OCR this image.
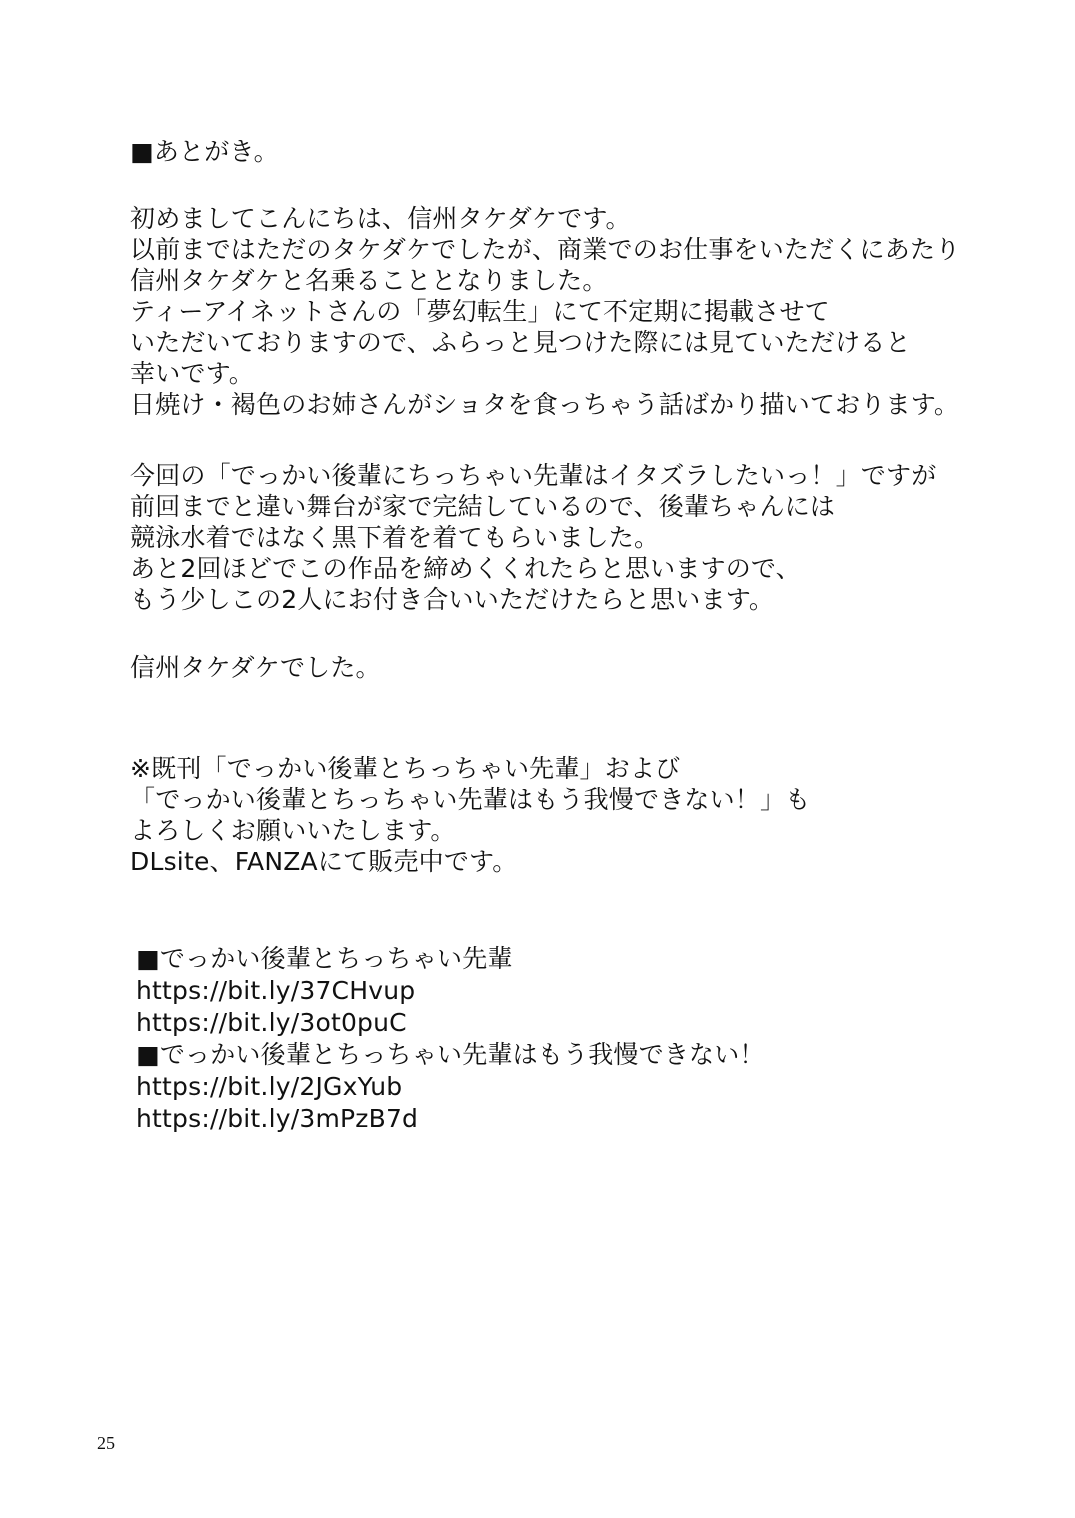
■あとがき。
初めましてこんにちは、信州タケダケです。
以前まではただのタケダケでしたが、商業でのお仕事をいただくにあたり
信州タケダケと名乗ることとなりました。
ティーアイネットさんの「夢幻転生」にて不定期に掲載させて
いただいておりますので、ふらっと見つけた際には見ていただけると
幸いです。
日焼け・褐色のお姉さんがショタを食っちゃう話ばかり描いております。
今回の「でっかい後輩にちっちゃい先輩はイタズラしたいっ！」ですが
前回までと違い舞台が家で完結しているので、後輩ちゃんには
競泳水着ではなく黒下着を着てもらいました。
あと2回ほどでこの作品を締めくくれたらと思いますので、
もう少しこの2人にお付き合いいただけたらと思います。
信州タケダケでした。
※既刊「でっかい後輩とちっちゃい先輩」および
「でっかい後輩とちっちゃい先輩はもう我慢できない！」も
よろしくお願いいたします。
DLsite、FANZAにて販売中です。
■でっかい後輩とちっちゃい先輩
https://bit.ly/37CHvup
https://bit.ly/3ot0puC
■でっかい後輩とちっちゃい先輩はもう我慢できない！
https://bit.ly/2JGxYub
https://bit.ly/3mPzB7d
25
